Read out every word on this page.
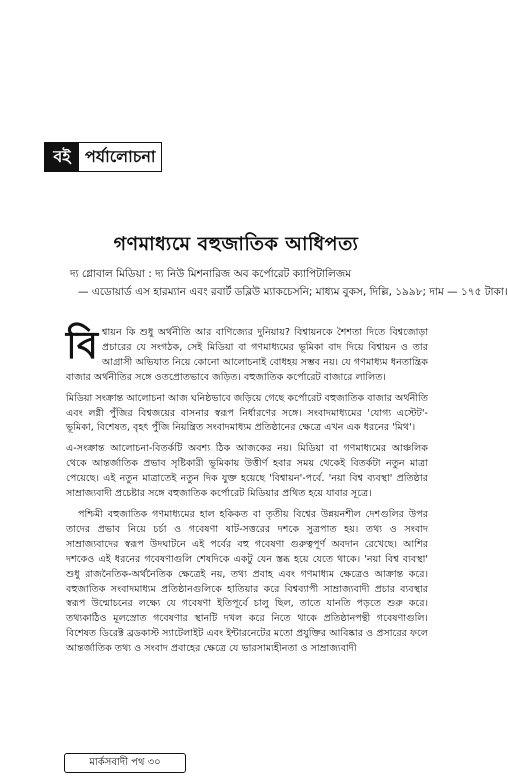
বই পর্যালোচনা
গণমাধ্যমে বহুজাতিক আধিপত্য
দ্য গ্লোবাল মিডিয়া : দ্য নিউ মিশনারিজ অব কর্পোরেট ক্যাপিটালিজম
— এডোয়ার্ড এস হারম্যান এবং রবার্ট ডব্লিউ ম্যাকচেসনি; মাধ্যম বুকস, দিল্লি, ১৯৯৮; দাম — ১৭৫ টাকা।

বি শ্বায়ন কি শুধু অর্থনীতি আর বাণিজ্যের দুনিয়ায়? বিশ্বায়নকে শৈশতা দিতে বিশ্বজোড়া প্রচারের যে সংগঠক, সেই মিডিয়া বা গণমাধ্যমের ভূমিকা বাদ দিয়ে বিশ্বায়ন ও তার আগ্রাসী অভিযাত নিয়ে কোনো আলোচনাই বোধহয় সম্ভব নয়। যে গণমাধ্যম ধনতান্ত্রিক বাজার অর্থনীতির সঙ্গে ওতপ্রোতভাবে জড়িত। বহুজাতিক কর্পোরেট বাজারে লালিত।

মিডিয়া সংক্রান্ত আলোচনা আজ ঘনিষ্ঠভাবে জড়িয়ে গেছে কর্পোরেট বহুজাতিক বাজার অর্থনীতি এবং লগ্নী পুঁজির বিশ্বজয়ের বাসনার স্বরূপ নির্ধারণের সঙ্গে। সংবাদমাধ্যমের 'যোগ্য এস্টেট'-ভূমিকা, বিশেষত, বৃহৎ পুঁজি নিয়ন্ত্রিত সংবাদমাধ্যম প্রতিষ্ঠানের ক্ষেত্রে এখন এক ধরনের 'মিথ'।

এ-সংক্রান্ত আলোচনা-বিতর্কটি অবশ্য ঠিক আজকের নয়। মিডিয়া বা গণমাধ্যমের আঞ্চলিক থেকে আন্তর্জাতিক প্রভাব সৃষ্টিকারী ভূমিকায় উত্তীর্ণ হবার সময় থেকেই বিতর্কটা নতুন মাত্রা পেয়েছে। এই নতুন মাত্রাতেই নতুন দিক যুক্ত হয়েছে 'বিশ্বায়ন'-পর্বে. 'নয়া বিশ্ব ব্যবস্থা' প্রতিষ্ঠার সাম্রাজ্যবাদী প্রচেষ্টার সঙ্গে বহুজাতিক কর্পোরেট মিডিয়ার প্রথিত হয়ে যাবার সূত্রে।

পশ্চিমী বহুজাতিক গণমাধ্যমের হাল হকিকত বা তৃতীয় বিশ্বের উন্নয়নশীল দেশগুলির উপর তাদের প্রভাব নিয়ে চর্চা ও গবেষণা ষাট-সত্তরের দশকে সুত্রপাত হয়। তথ্য ও সংবাদ সাম্রাজ্যবাদের স্বরূপ উদঘাটনে এই পর্বের বহু গবেষণা গুরুত্বপূর্ণ অবদান রেখেছে। আশির দশকেও এই ধরনের গবেষণাগুলি শেষদিকে একটু যেন স্তব্ধ হয়ে যেতে থাকে। 'নয়া বিশ্ব ব্যবস্থা' শুধু রাজনৈতিক-অর্থনৈতিক ক্ষেত্রেই নয়, তথ্য প্রবাহ এবং গণমাধ্যম ক্ষেত্রেও আক্রান্ত করে। বহুজাতিক সংবাদমাধ্যম প্রতিষ্ঠানগুলিকে হাতিয়ার করে বিশ্বব্যাপী সাম্রাজ্যবাদী প্রচার ব্যবস্থার স্বরূপ উন্মোচনের লক্ষ্যে যে গবেষণা ইতিপূর্বে চালু ছিল, তাতে যানতি পড়তে শুরু করে। তথ্যকাঠিও মূলস্রোত গবেষণার স্থানটি দখল করে নিতে থাকে প্রতিষ্ঠানপন্থী গবেষণাগুলি। বিশেষত ডিরেক্ট ব্রডকাস্ট স্যাটেলাইট এবং ইন্টারনেটের মতো প্রযুক্তির আবিষ্কার ও প্রসারের ফলে আন্তর্জাতিক তথ্য ও সংবাদ প্রবাহের ক্ষেত্রে যে ভারসাম্যহীনতা ও সাম্রাজ্যবাদী

মার্কসবাদী পথ ৩০
